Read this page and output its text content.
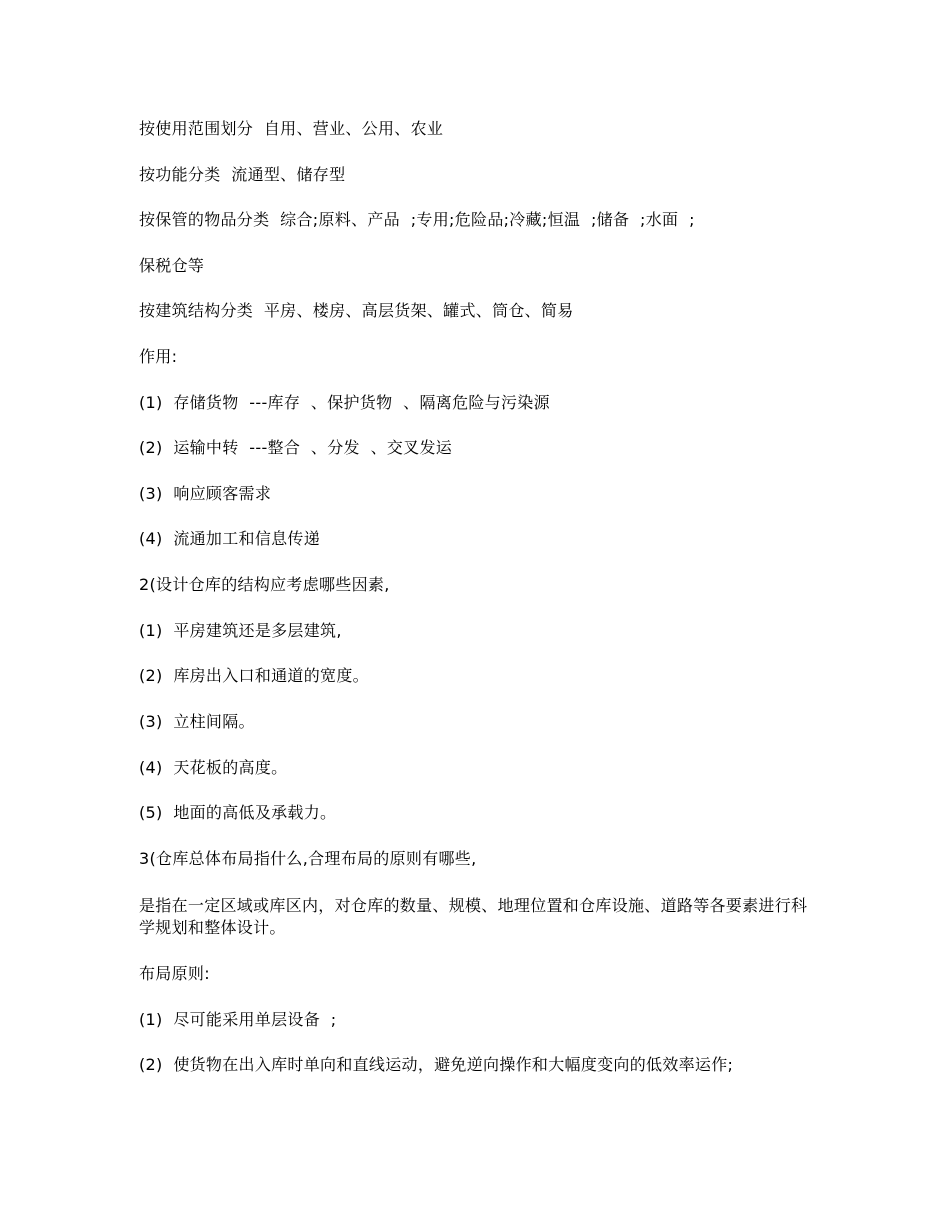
按使用范围划分  自用、营业、公用、农业

按功能分类  流通型、储存型

按保管的物品分类  综合;原料、产品  ;专用;危险品;冷藏;恒温  ;储备  ;水面  ;

保税仓等

按建筑结构分类  平房、楼房、高层货架、罐式、筒仓、简易

作用:

(1)  存储货物  ---库存  、保护货物  、隔离危险与污染源

(2)  运输中转  ---整合  、分发  、交叉发运

(3)  响应顾客需求

(4)  流通加工和信息传递

2(设计仓库的结构应考虑哪些因素,

(1)  平房建筑还是多层建筑,

(2)  库房出入口和通道的宽度。

(3)  立柱间隔。

(4)  天花板的高度。

(5)  地面的高低及承载力。

3(仓库总体布局指什么,合理布局的原则有哪些,

是指在一定区域或库区内，对仓库的数量、规模、地理位置和仓库设施、道路等各要素进行科学规划和整体设计。

布局原则:

(1)  尽可能采用单层设备  ;

(2)  使货物在出入库时单向和直线运动，避免逆向操作和大幅度变向的低效率运作;
